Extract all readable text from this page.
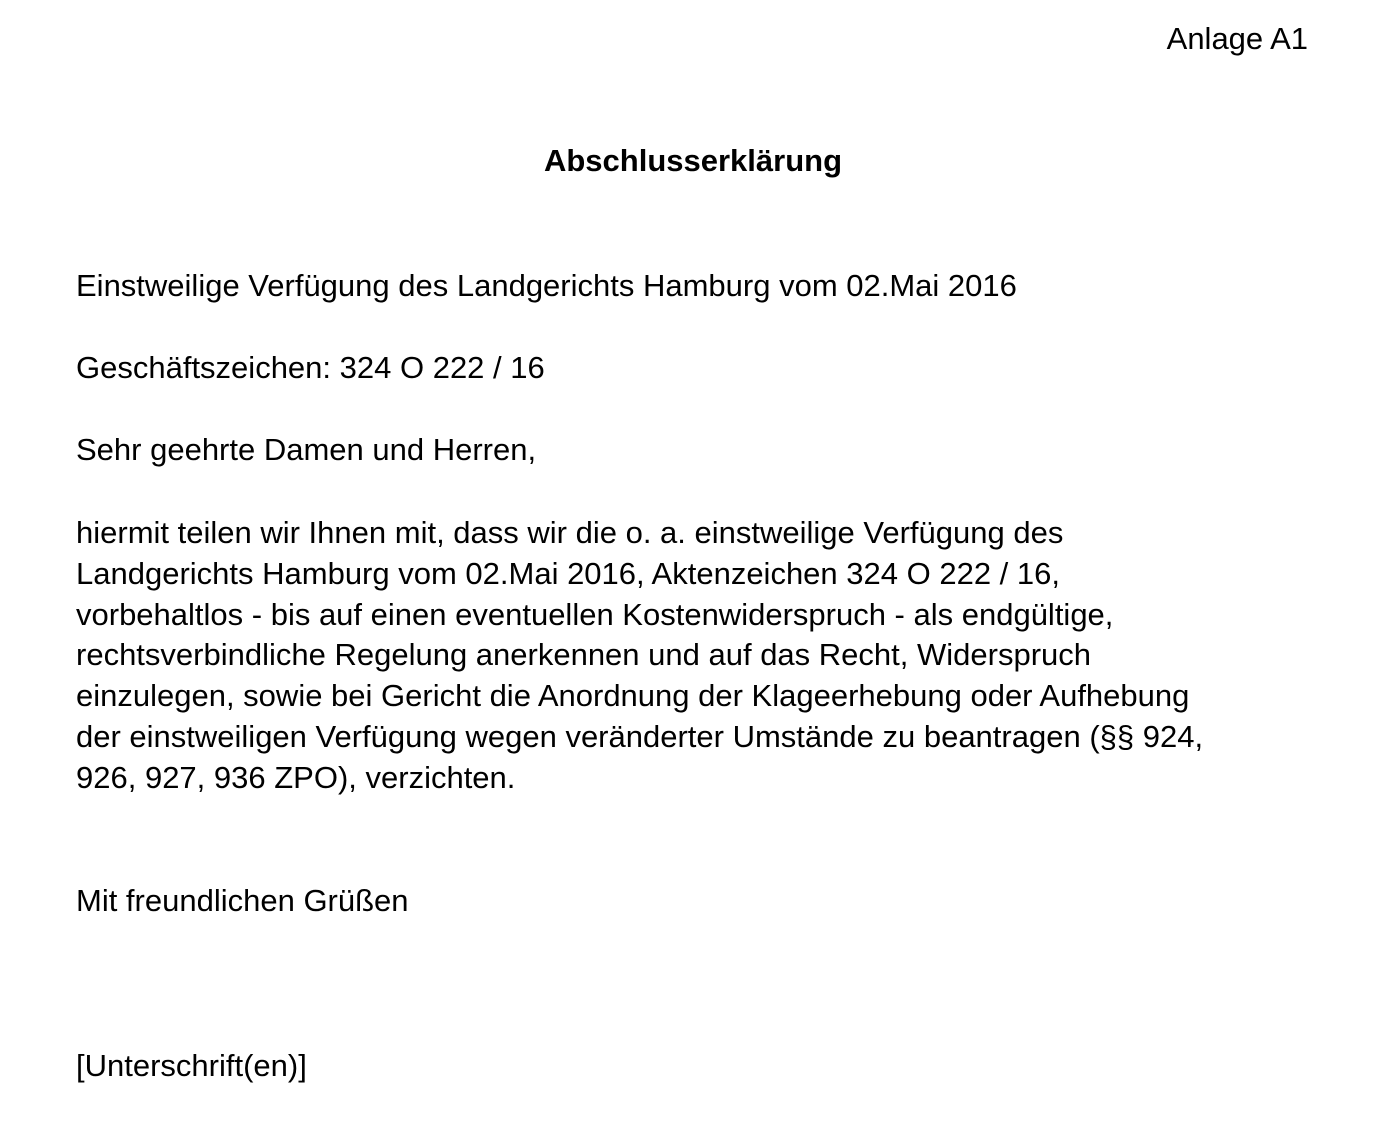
Anlage A1
Abschlusserklärung
Einstweilige Verfügung des Landgerichts Hamburg vom 02.Mai 2016
Geschäftszeichen: 324 O 222 / 16
Sehr geehrte Damen und Herren,
hiermit teilen wir Ihnen mit, dass wir die o. a. einstweilige Verfügung des
Landgerichts Hamburg vom 02.Mai 2016, Aktenzeichen 324 O 222 / 16,
vorbehaltlos - bis auf einen eventuellen Kostenwiderspruch - als endgültige,
rechtsverbindliche Regelung anerkennen und auf das Recht, Widerspruch
einzulegen, sowie bei Gericht die Anordnung der Klageerhebung oder Aufhebung
der einstweiligen Verfügung wegen veränderter Umstände zu beantragen (§§ 924,
926, 927, 936 ZPO), verzichten.
Mit freundlichen Grüßen
[Unterschrift(en)]
